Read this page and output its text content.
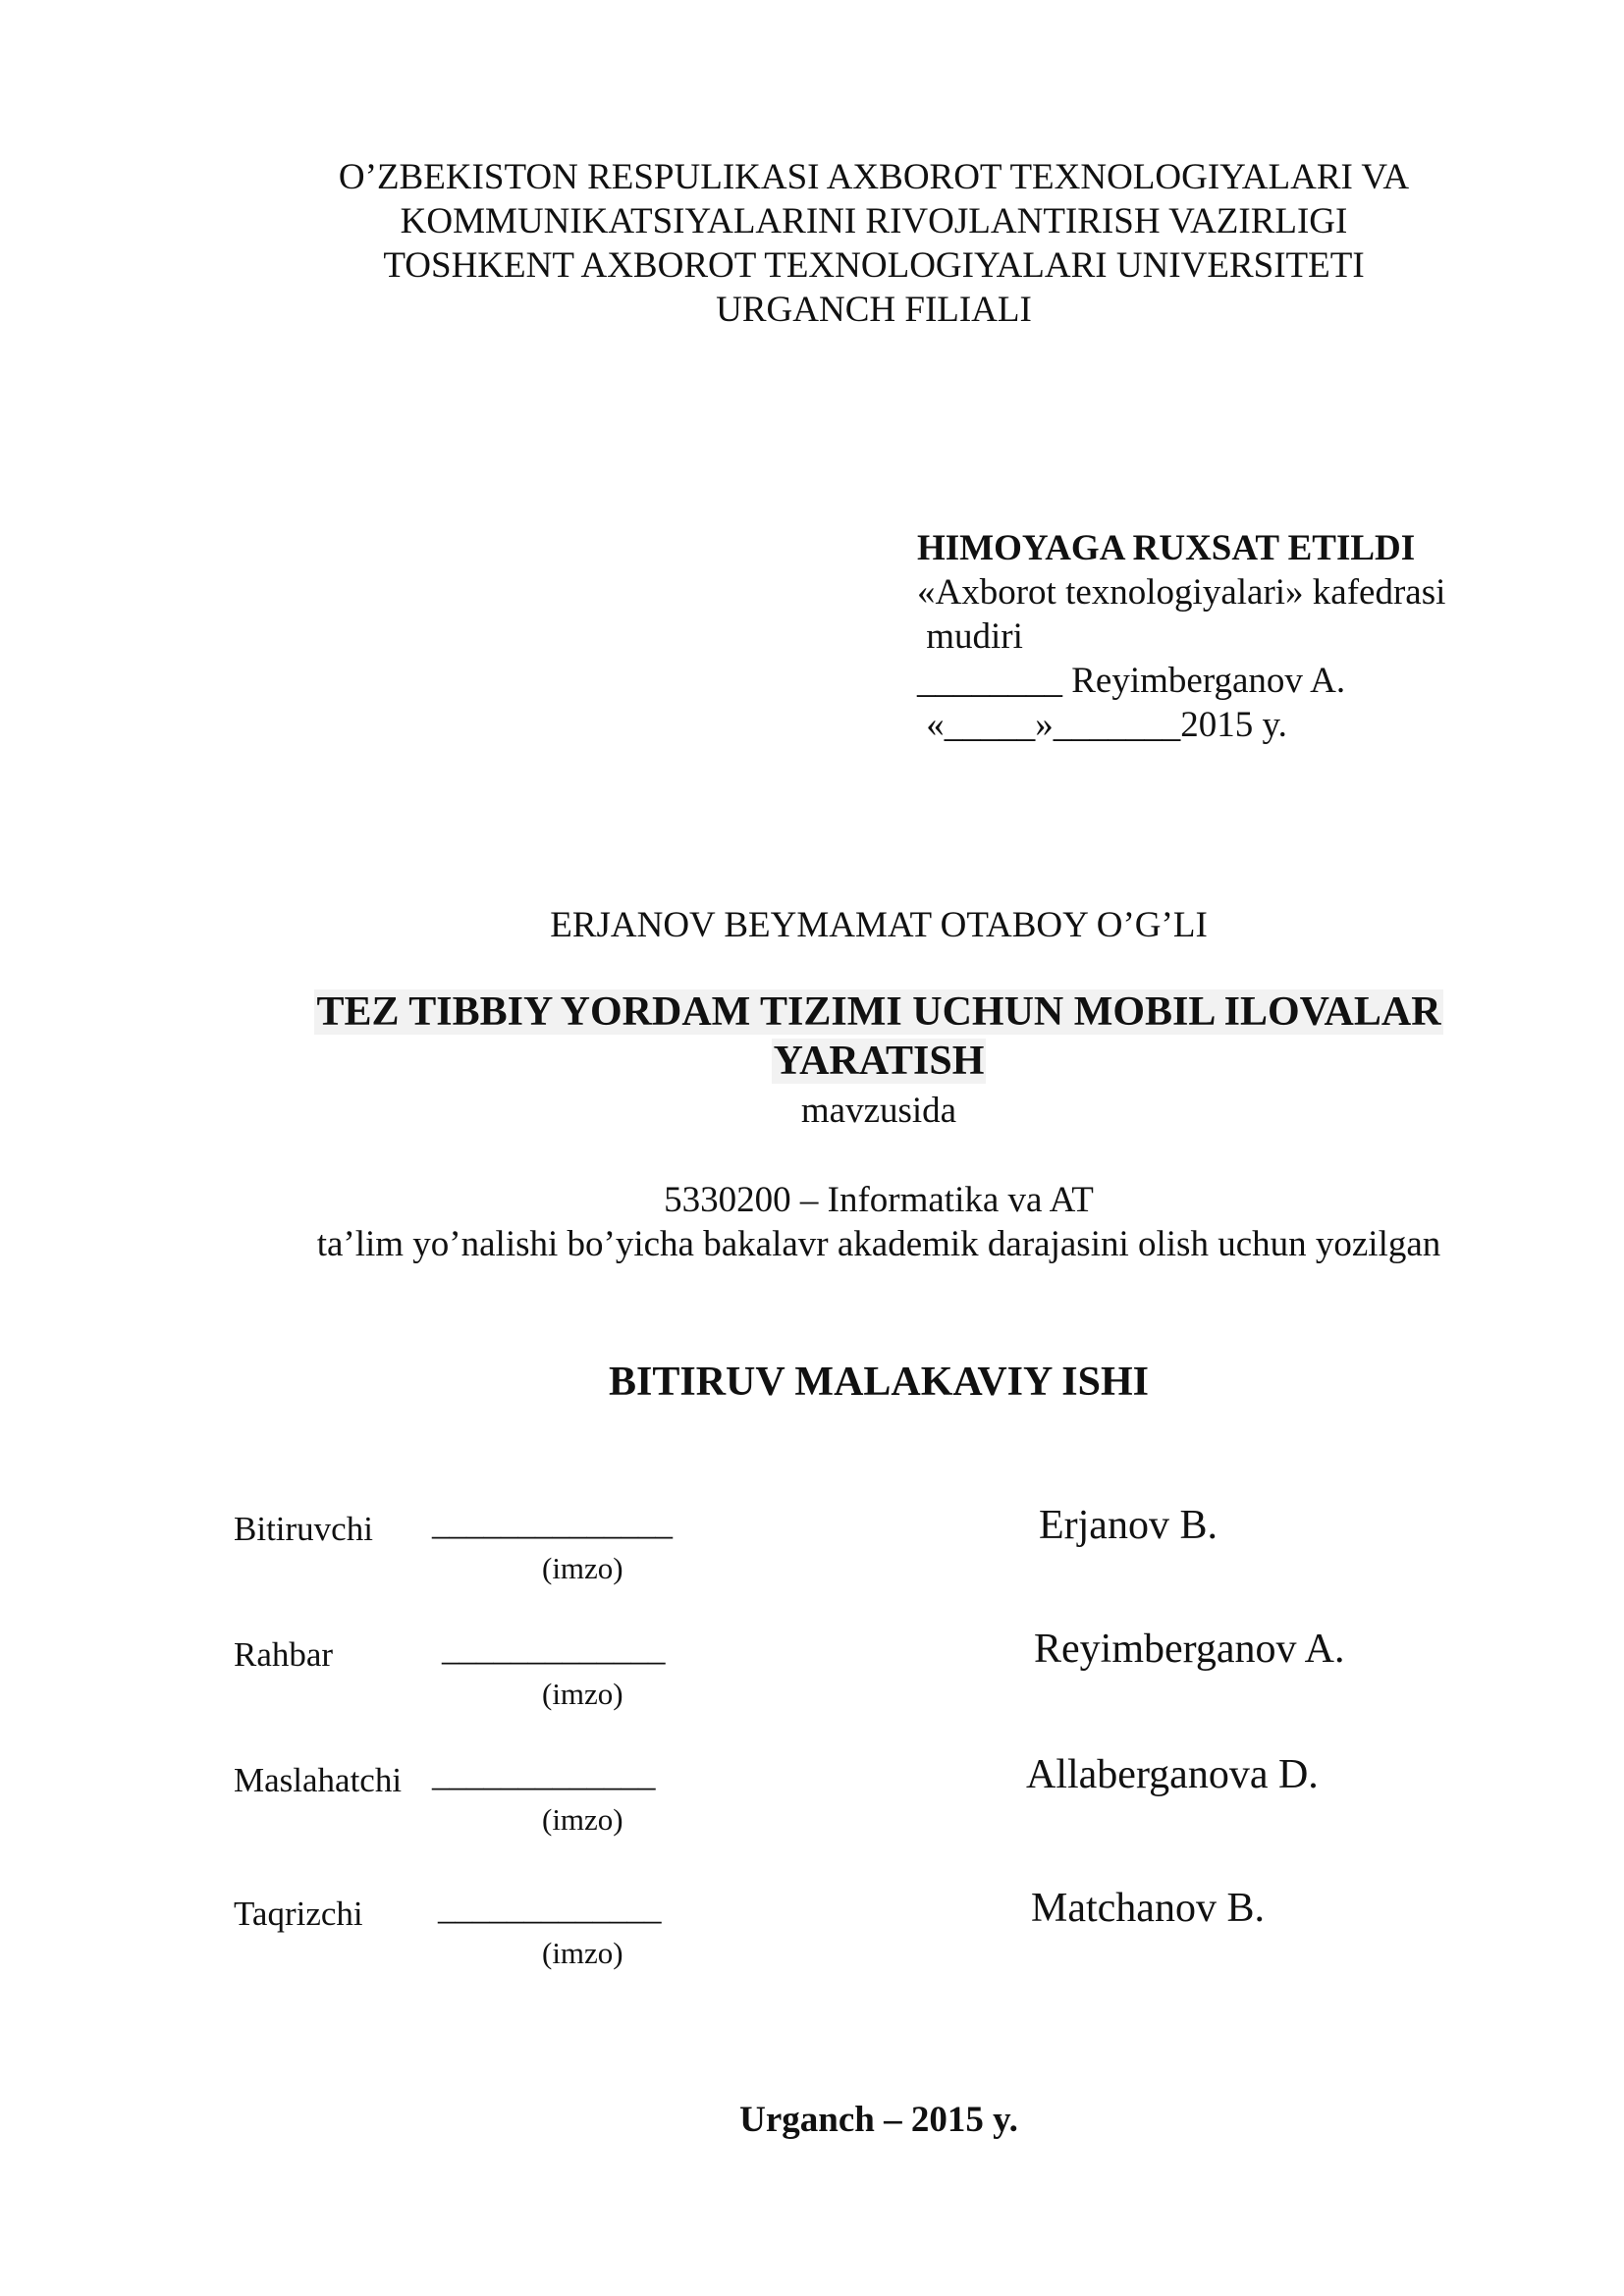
O’ZBEKISTON RESPULIKASI AXBOROT TEXNOLOGIYALARI VA
KOMMUNIKATSIYALARINI RIVOJLANTIRISH VAZIRLIGI
TOSHKENT AXBOROT TEXNOLOGIYALARI UNIVERSITETI
URGANCH FILIALI
HIMOYAGA RUXSAT ETILDI
«Axborot texnologiyalari» kafedrasi
mudiri
________ Reyimberganov A.
«_____»_______2015 y.
ERJANOV BEYMAMAT OTABOY O’G’LI
TEZ TIBBIY YORDAM TIZIMI UCHUN MOBIL ILOVALAR
YARATISH
mavzusida
5330200 – Informatika va AT
ta’lim yo’nalishi bo’yicha bakalavr akademik darajasini olish uchun yozilgan
BITIRUV MALAKAVIY ISHI
Bitiruvchi ______________
(imzo)
Erjanov B.
Rahbar	_____________
(imzo)
Reyimberganov A.
Maslahatchi _____________
(imzo)
Allaberganova D.
Taqrizchi _____________
(imzo)
Matchanov B.
Urganch – 2015 y.
